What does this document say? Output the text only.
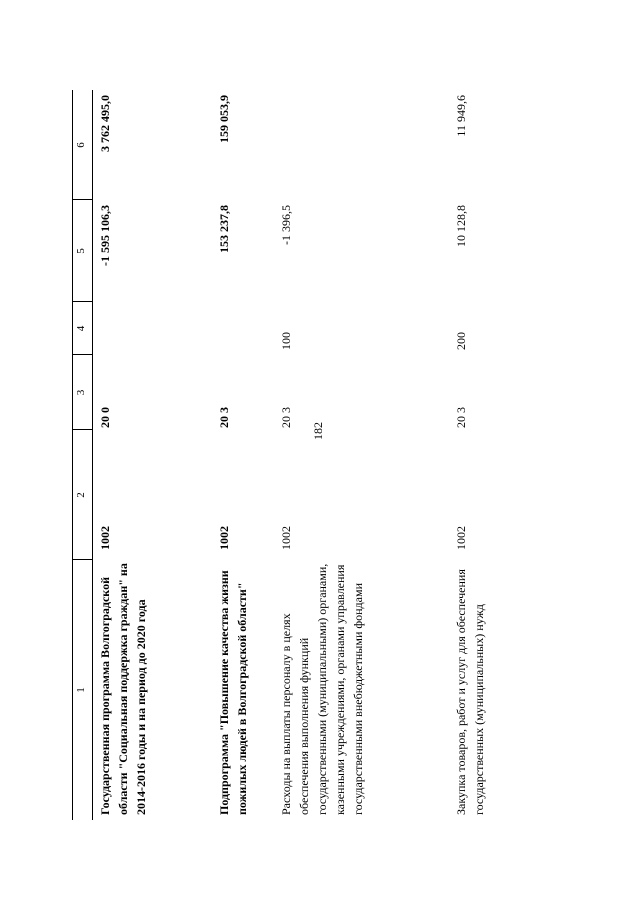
182
1
2
3
4
5
6
Государственная программа Волгоградской области "Социальная поддержка граждан" на 2014-2016 годы и на период до 2020 года
1002
20 0
-1 595 106,3
3 762 495,0
Подпрограмма "Повышение качества жизни пожилых людей в Волгоградской области"
1002
20 3
153 237,8
159 053,9
Расходы на выплаты персоналу в целях обеспечения выполнения функций государственными (муниципальными) органами, казенными учреждениями, органами управления государственными внебюджетными фондами
1002
20 3
100
-1 396,5
Закупка товаров, работ и услуг для обеспечения государственных (муниципальных) нужд
1002
20 3
200
10 128,8
11 949,6
